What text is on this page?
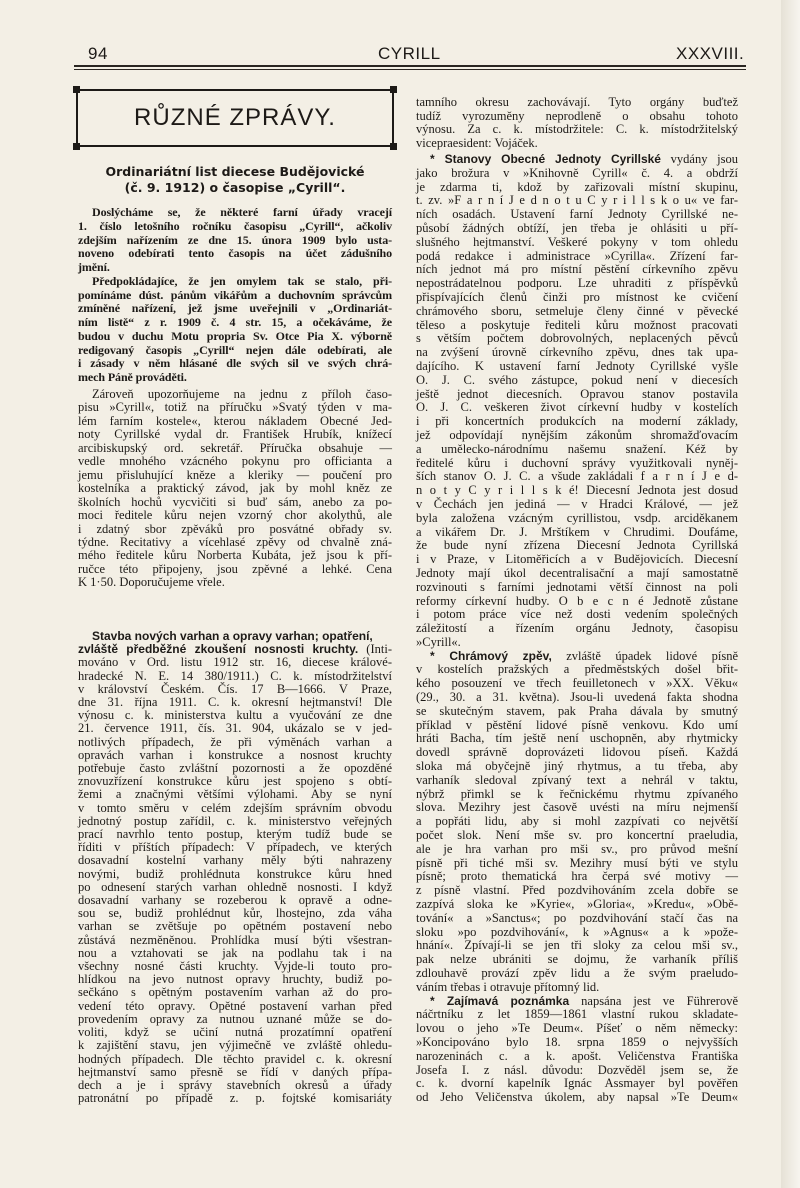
94	CYRILL	XXXVIII.
RŮZNÉ ZPRÁVY.
Ordinariátní list diecese Budějovické
(č. 9. 1912) o časopise „Cyrill“.
Doslýcháme se, že některé farní úřady vracejí
1. číslo letošního ročníku časopisu „Cyrill“, ačkoliv
zdejším nařízením ze dne 15. února 1909 bylo usta-
noveno odebírati tento časopis na účet zádušního
jmění.
Předpokládajíce, že jen omylem tak se stalo, při-
pomínáme dúst. pánům vikářům a duchovním správcům
zmíněné nařízení, jež jsme uveřejnili v „Ordinariát-
ním listě“ z r. 1909 č. 4 str. 15, a očekáváme, že
budou v duchu Motu propria Sv. Otce Pia X. výborně
redigovaný časopis „Cyrill“ nejen dále odebírati, ale
i zásady v něm hlásané dle svých sil ve svých chrá-
mech Páně prováděti.
Zároveň upozorňujeme na jednu z příloh časo-
pisu »Cyrill«, totiž na příručku »Svatý týden v ma-
lém farním kostele«, kterou nákladem Obecné Jed-
noty Cyrillské vydal dr. František Hrubík, knížecí
arcibiskupský ord. sekretář. Příručka obsahuje —
vedle mnohého vzácného pokynu pro officianta a
jemu přisluhující kněze a kleriky — poučení pro
kostelníka a praktický závod, jak by mohl kněz ze
školních hochů vycvičiti si buď sám, anebo za po-
moci ředitele kůru nejen vzorný chor akolythů, ale
i zdatný sbor zpěváků pro posvátné obřady sv.
týdne. Recitativy a vícehlasé zpěvy od chvalně zná-
mého ředitele kůru Norberta Kubáta, jež jsou k pří-
ručce této připojeny, jsou zpěvné a lehké. Cena
K 1·50. Doporučujeme vřele.
Stavba nových varhan a opravy varhan; opatření,
zvláště předběžné zkoušení nosnosti kruchty. (Inti-
mováno v Ord. listu 1912 str. 16, diecese králové-
hradecké N. E. 14 380/1911.) C. k. místodržitelství
v království Českém. Čís. 17 B—1666. V Praze,
dne 31. října 1911. C. k. okresní hejtmanství! Dle
výnosu c. k. ministerstva kultu a vyučování ze dne
21. července 1911, čís. 31. 904, ukázalo se v jed-
notlivých případech, že při výměnách varhan a
opravách varhan i konstrukce a nosnost kruchty
potřebuje často zvláštní pozornosti a že opozděné
znovuzřízení konstrukce kůru jest spojeno s obtí-
žemi a značnými většími výlohami. Aby se nyní
v tomto směru v celém zdejším správním obvodu
jednotný postup zařídil, c. k. ministerstvo veřejných
prací navrhlo tento postup, kterým tudíž bude se
říditi v příštích případech: V případech, ve kterých
dosavadní kostelní varhany měly býti nahrazeny
novými, budiž prohlédnuta konstrukce kůru hned
po odnesení starých varhan ohledně nosnosti. I když
dosavadní varhany se rozeberou k opravě a odne-
sou se, budiž prohlédnut kůr, lhostejno, zda váha
varhan se zvětšuje po opětném postavení nebo
zůstává nezměněnou. Prohlídka musí býti všestran-
nou a vztahovati se jak na podlahu tak i na
všechny nosné části kruchty. Vyjde-li touto pro-
hlídkou na jevo nutnost opravy hruchty, budiž po-
sečkáno s opětným postavením varhan až do pro-
vedení této opravy. Opětné postavení varhan před
provedením opravy za nutnou uznané může se do-
voliti, když se učiní nutná prozatímní opatření
k zajištění stavu, jen výjimečně ve zvláště ohledu-
hodných případech. Dle těchto pravidel c. k. okresní
hejtmanství samo přesně se řídí v daných přípa-
dech a je i správy stavebních okresů a úřady
patronátní po případě z. p. fojtské komisariáty
tamního okresu zachovávají. Tyto orgány buďtež
tudíž vyrozuměny neprodleně o obsahu tohoto
výnosu. Za c. k. místodržitele: C. k. místodržitelský
vicepraesident: Vojáček.
* Stanovy Obecné Jednoty Cyrillské vydány jsou
jako brožura v »Knihovně Cyrill« č. 4. a obdrží
je zdarma ti, kdož by zařizovali místní skupinu,
t. zv. »F a r n í J e d n o t u C y r i l l s k o u« ve far-
ních osadách. Ustavení farní Jednoty Cyrillské ne-
působí žádných obtíží, jen třeba je ohlásiti u pří-
slušného hejtmanství. Veškeré pokyny v tom ohledu
podá redakce i administrace »Cyrilla«. Zřízení far-
ních jednot má pro místní pěstění církevního zpěvu
nepostrádatelnou podporu. Lze uhraditi z příspěvků
přispívajících členů činži pro místnost ke cvičení
chrámového sboru, setmeluje členy činné v pěvecké
těleso a poskytuje řediteli kůru možnost pracovati
s větším počtem dobrovolných, neplacených pěvců
na zvýšení úrovně církevního zpěvu, dnes tak upa-
dajícího. K ustavení farní Jednoty Cyrillské vyšle
O. J. C. svého zástupce, pokud není v diecesích
ještě jednot diecesních. Opravou stanov postavila
O. J. C. veškeren život církevní hudby v kostelích
i při koncertních produkcích na moderní základy,
jež odpovídají nynějším zákonům shromažďovacím
a umělecko-národnímu našemu snažení. Kéž by
ředitelé kůru i duchovní správy využitkovali nyněj-
ších stanov O. J. C. a všude zakládali f a r n í J e d-
n o t y C y r i l l s k é! Diecesní Jednota jest dosud
v Čechách jen jediná — v Hradci Králové, — jež
byla založena vzácným cyrillistou, vsdp. arciděkanem
a vikářem Dr. J. Mrštíkem v Chrudimi. Doufáme,
že bude nyní zřízena Diecesní Jednota Cyrillská
i v Praze, v Litoměřicích a v Budějovicích. Diecesní
Jednoty mají úkol decentralisační a mají samostatně
rozvinouti s farními jednotami větší činnost na poli
reformy církevní hudby. O b e c n é Jednotě zůstane
i potom práce více než dosti vedením společných
záležitostí a řízením orgánu Jednoty, časopisu
»Cyrill«.
* Chrámový zpěv, zvláště úpadek lidové písně
v kostelích pražských a předměstských došel břit-
kého posouzení ve třech feuilletonech v »XX. Věku«
(29., 30. a 31. května). Jsou-li uvedená fakta shodna
se skutečným stavem, pak Praha dávala by smutný
příklad v pěstění lidové písně venkovu. Kdo umí
hráti Bacha, tím ještě není uschopněn, aby rhytmicky
dovedl správně doprovázeti lidovou píseň. Každá
sloka má obyčejně jiný rhytmus, a tu třeba, aby
varhaník sledoval zpívaný text a nehrál v taktu,
nýbrž přimkl se k řečnickému rhytmu zpívaného
slova. Mezihry jest časově uvésti na míru nejmenší
a popřáti lidu, aby si mohl zazpívati co největší
počet slok. Není mše sv. pro koncertní praeludia,
ale je hra varhan pro mši sv., pro průvod mešní
písně při tiché mši sv. Mezihry musí býti ve stylu
písně; proto thematická hra čerpá své motivy —
z písně vlastní. Před pozdvihováním zcela dobře se
zazpívá sloka ke »Kyrie«, »Gloria«, »Kredu«, »Obě-
tování« a »Sanctus«; po pozdvihování stačí čas na
sloku »po pozdvihování«, k »Agnus« a k »pože-
hnání«. Zpívají-li se jen tři sloky za celou mši sv.,
pak nelze ubrániti se dojmu, že varhaník příliš
zdlouhavě provází zpěv lidu a že svým praeludo-
váním třebas i otravuje přítomný lid.
* Zajímavá poznámka napsána jest ve Führerově
náčrtníku z let 1859—1861 vlastní rukou skladate-
lovou o jeho »Te Deum«. Píšeť o něm německy:
»Koncipováno bylo 18. srpna 1859 o nejvyšších
narozeninách c. a k. apošt. Veličenstva Františka
Josefa I. z násl. důvodu: Dozvěděl jsem se, že
c. k. dvorní kapelník Ignác Assmayer byl pověřen
od Jeho Veličenstva úkolem, aby napsal »Te Deum«
